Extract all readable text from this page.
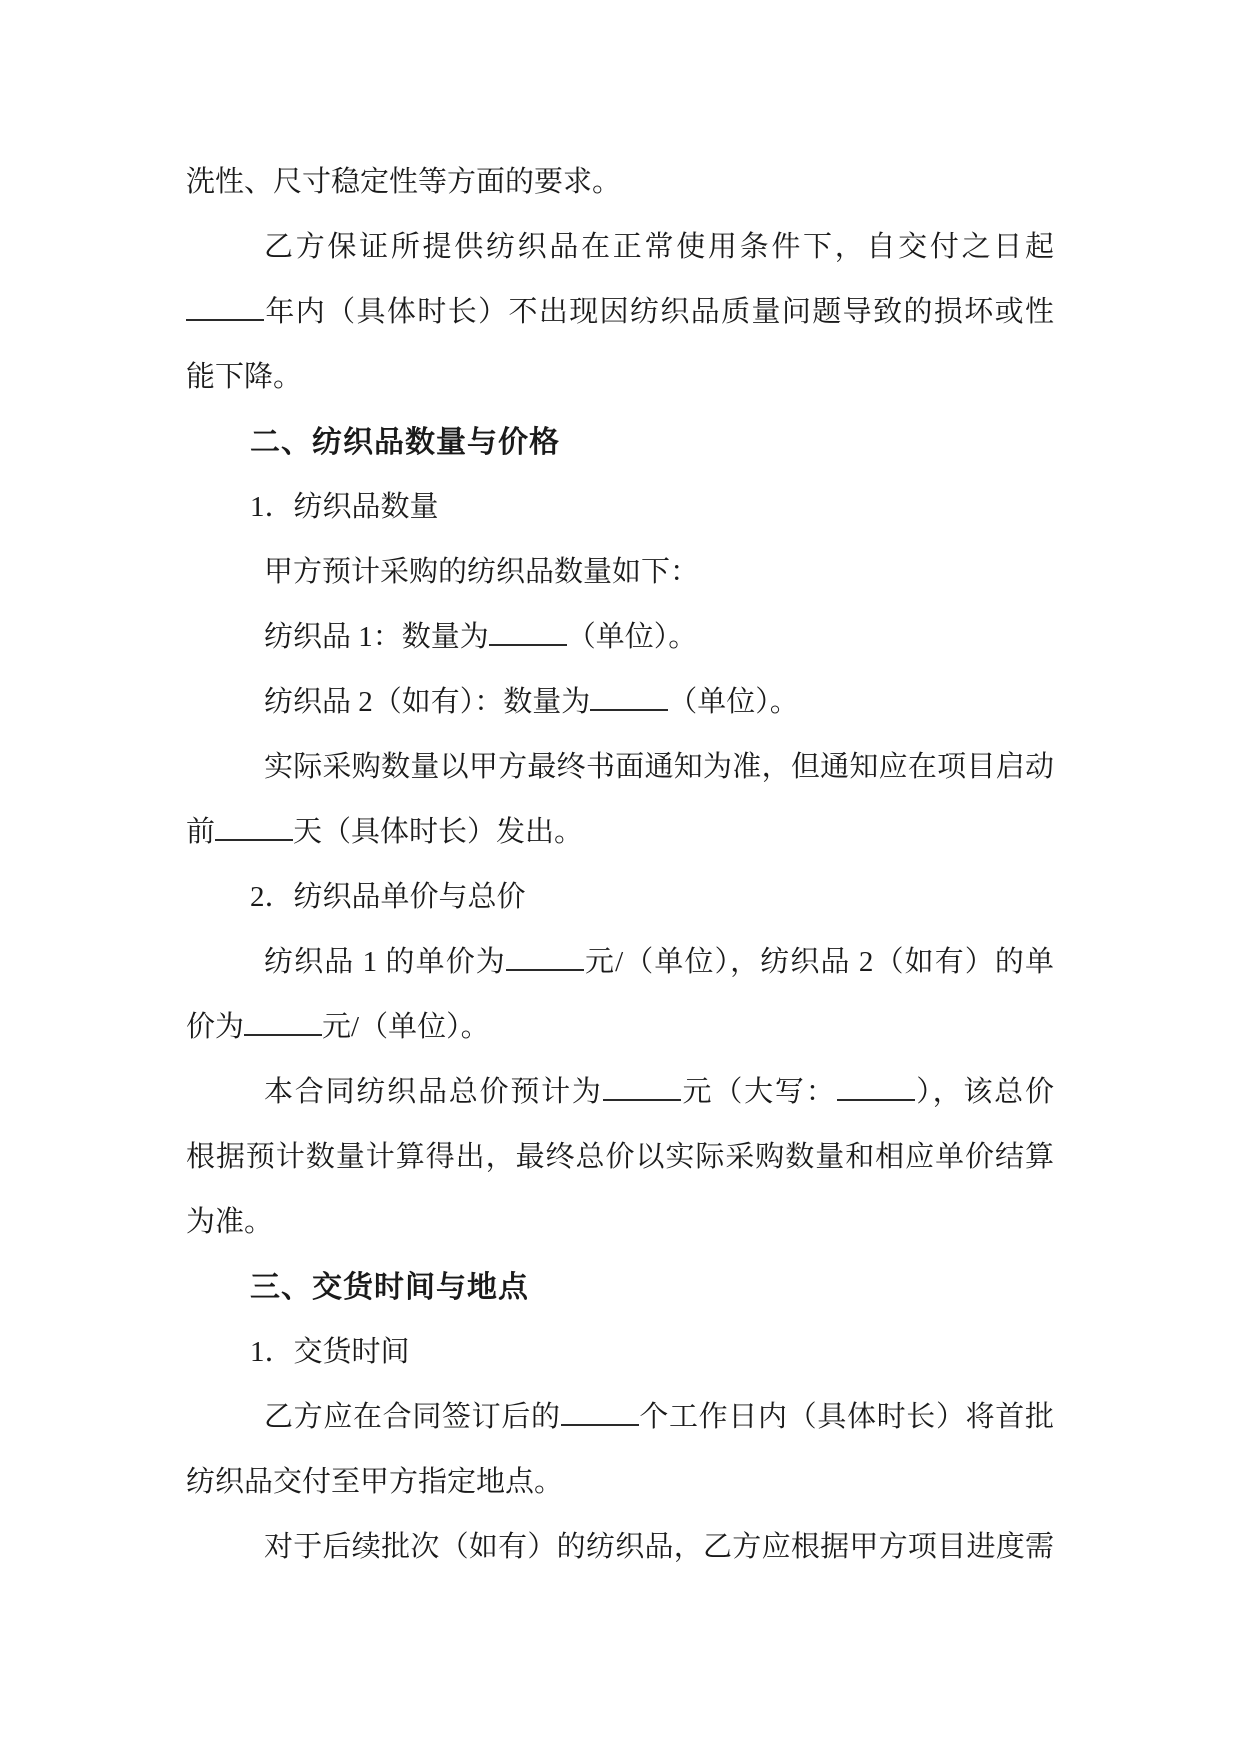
洗性、尺寸稳定性等方面的要求。
乙方保证所提供纺织品在正常使用条件下，自交付之日起
年内（具体时长）不出现因纺织品质量问题导致的损坏或性
能下降。
二、纺织品数量与价格
1．纺织品数量
甲方预计采购的纺织品数量如下：
纺织品 1：数量为	（单位）。
纺织品 2（如有）：数量为	（单位）。
实际采购数量以甲方最终书面通知为准，但通知应在项目启动
前	天（具体时长）发出。
2．纺织品单价与总价
纺织品 1 的单价为	元/（单位），纺织品 2（如有）的单
价为	元/（单位）。
本合同纺织品总价预计为	元（大写：	），该总价
根据预计数量计算得出，最终总价以实际采购数量和相应单价结算
为准。
三、交货时间与地点
1．交货时间
乙方应在合同签订后的	个工作日内（具体时长）将首批
纺织品交付至甲方指定地点。
对于后续批次（如有）的纺织品，乙方应根据甲方项目进度需
